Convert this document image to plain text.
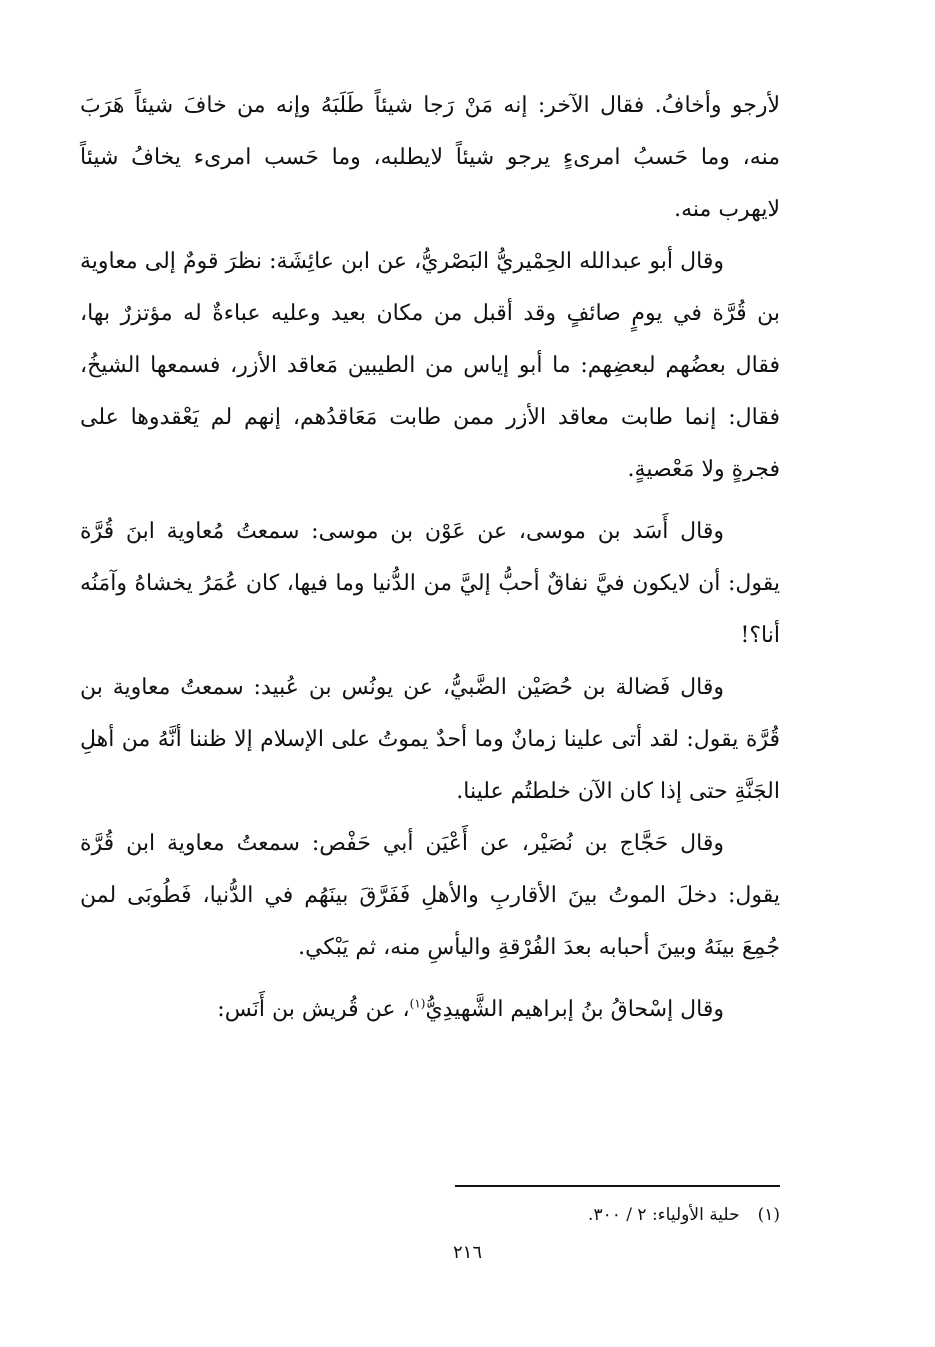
لأرجو وأخافُ. فقال الآخر: إنه مَنْ رَجا شيئاً طَلَبَهُ وإنه من خافَ شيئاً هَرَبَ منه، وما حَسبُ امرىءٍ يرجو شيئاً لايطلبه، وما حَسب امرىء يخافُ شيئاً لايهرب منه.

وقال أبو عبدالله الحِمْيريُّ البَصْريُّ، عن ابن عائِشَة: نظرَ قومٌ إلى معاوية بن قُرَّة في يومٍ صائفٍ وقد أقبل من مكان بعيد وعليه عباءةٌ له مؤتزرٌ بها، فقال بعضُهم لبعضِهم: ما أبو إياس من الطيبين مَعاقد الأزر، فسمعها الشيخُ، فقال: إنما طابت معاقد الأزر ممن طابت مَعَاقدُهم، إنهم لم يَعْقدوها على فجرةٍ ولا مَعْصيةٍ.

وقال أَسَد بن موسى، عن عَوْن بن موسى: سمعتُ مُعاوية ابنَ قُرَّة يقول: أن لايكون فيَّ نفاقٌ أحبُّ إليَّ من الدُّنيا وما فيها، كان عُمَرُ يخشاهُ وآمَنُه أنا؟!

وقال فَضالة بن حُصَيْن الضَّبيُّ، عن يونُس بن عُبيد: سمعتُ معاوية بن قُرَّة يقول: لقد أتى علينا زمانٌ وما أحدٌ يموتُ على الإسلام إلا ظننا أنَّهُ من أهلِ الجَنَّةِ حتى إذا كان الآن خلطتُم علينا.

وقال حَجَّاج بن نُصَيْر، عن أَعْيَن أبي حَفْص: سمعتُ معاوية ابن قُرَّة يقول: دخلَ الموتُ بينَ الأقاربِ والأهلِ فَفَرَّقَ بينَهُم في الدُّنيا، فَطُوبَى لمن جُمِعَ بينَهُ وبينَ أحبابه بعدَ الفُرْقةِ واليأسِ منه، ثم يَبْكي.

وقال إسْحاقُ بنُ إبراهيم الشَّهيدِيُّ$^{(١)}$، عن قُريش بن أَنَس:

(١)حلية الأولياء: ٢ / ٣٠٠.
٢١٦
